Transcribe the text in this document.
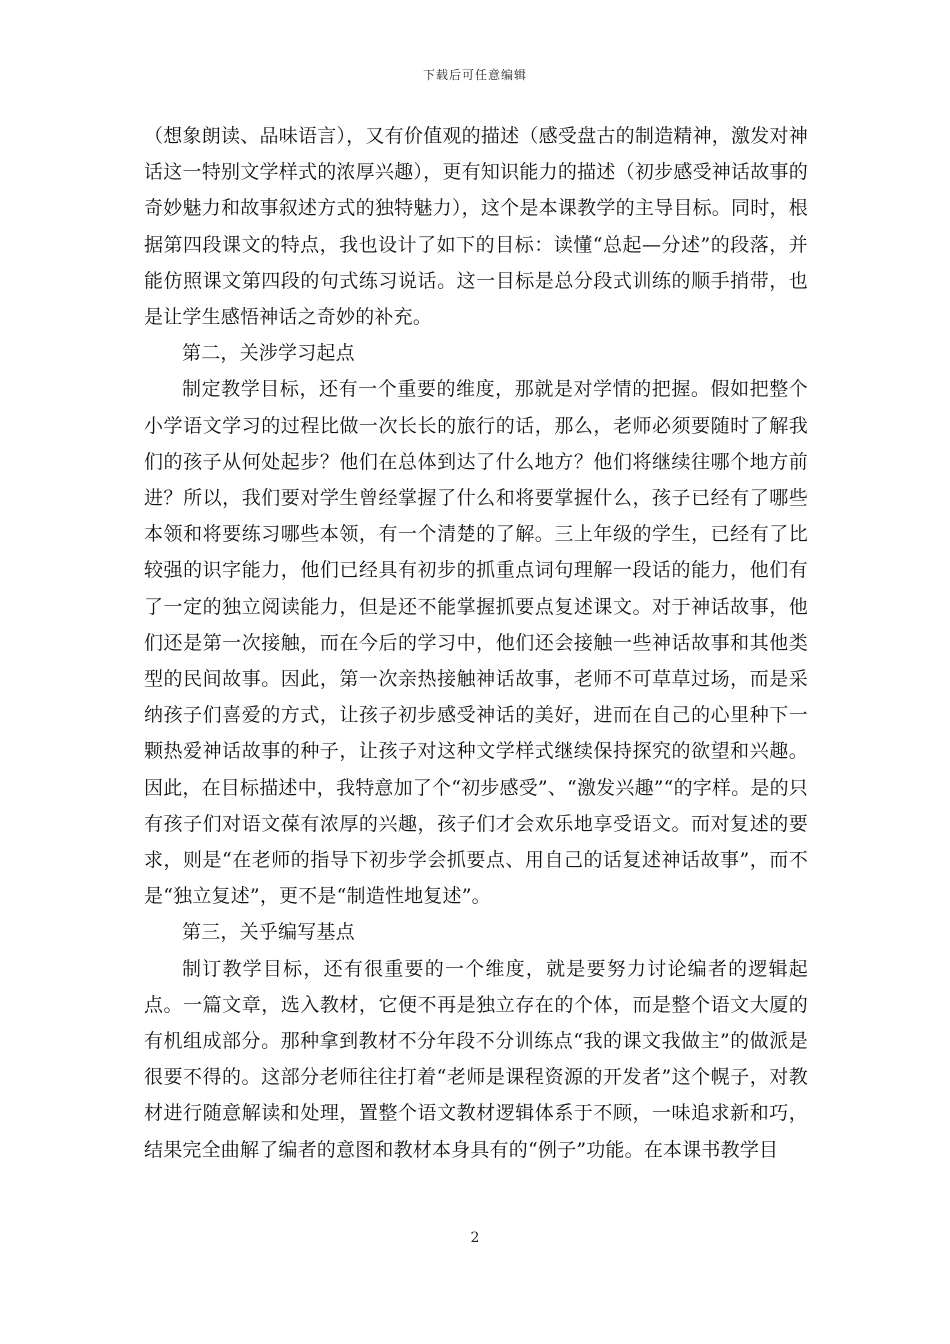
下载后可任意编辑

（想象朗读、品味语言），又有价值观的描述（感受盘古的制造精神，激发对神话这一特别文学样式的浓厚兴趣），更有知识能力的描述（初步感受神话故事的奇妙魅力和故事叙述方式的独特魅力），这个是本课教学的主导目标。同时，根据第四段课文的特点，我也设计了如下的目标：读懂“总起—分述”的段落，并能仿照课文第四段的句式练习说话。这一目标是总分段式训练的顺手捎带，也是让学生感悟神话之奇妙的补充。

第二，关涉学习起点

制定教学目标，还有一个重要的维度，那就是对学情的把握。假如把整个小学语文学习的过程比做一次长长的旅行的话，那么，老师必须要随时了解我们的孩子从何处起步？他们在总体到达了什么地方？他们将继续往哪个地方前进？所以，我们要对学生曾经掌握了什么和将要掌握什么，孩子已经有了哪些本领和将要练习哪些本领，有一个清楚的了解。三上年级的学生，已经有了比较强的识字能力，他们已经具有初步的抓重点词句理解一段话的能力，他们有了一定的独立阅读能力，但是还不能掌握抓要点复述课文。对于神话故事，他们还是第一次接触，而在今后的学习中，他们还会接触一些神话故事和其他类型的民间故事。因此，第一次亲热接触神话故事，老师不可草草过场，而是采纳孩子们喜爱的方式，让孩子初步感受神话的美好，进而在自己的心里种下一颗热爱神话故事的种子，让孩子对这种文学样式继续保持探究的欲望和兴趣。因此，在目标描述中，我特意加了个“初步感受”、“激发兴趣”“的字样。是的只有孩子们对语文葆有浓厚的兴趣，孩子们才会欢乐地享受语文。而对复述的要求，则是“在老师的指导下初步学会抓要点、用自己的话复述神话故事”，而不是“独立复述”，更不是“制造性地复述”。

第三，关乎编写基点

制订教学目标，还有很重要的一个维度，就是要努力讨论编者的逻辑起点。一篇文章，选入教材，它便不再是独立存在的个体，而是整个语文大厦的有机组成部分。那种拿到教材不分年段不分训练点“我的课文我做主”的做派是很要不得的。这部分老师往往打着“老师是课程资源的开发者”这个幌子，对教材进行随意解读和处理，置整个语文教材逻辑体系于不顾，一味追求新和巧，结果完全曲解了编者的意图和教材本身具有的“例子”功能。在本课书教学目

2
